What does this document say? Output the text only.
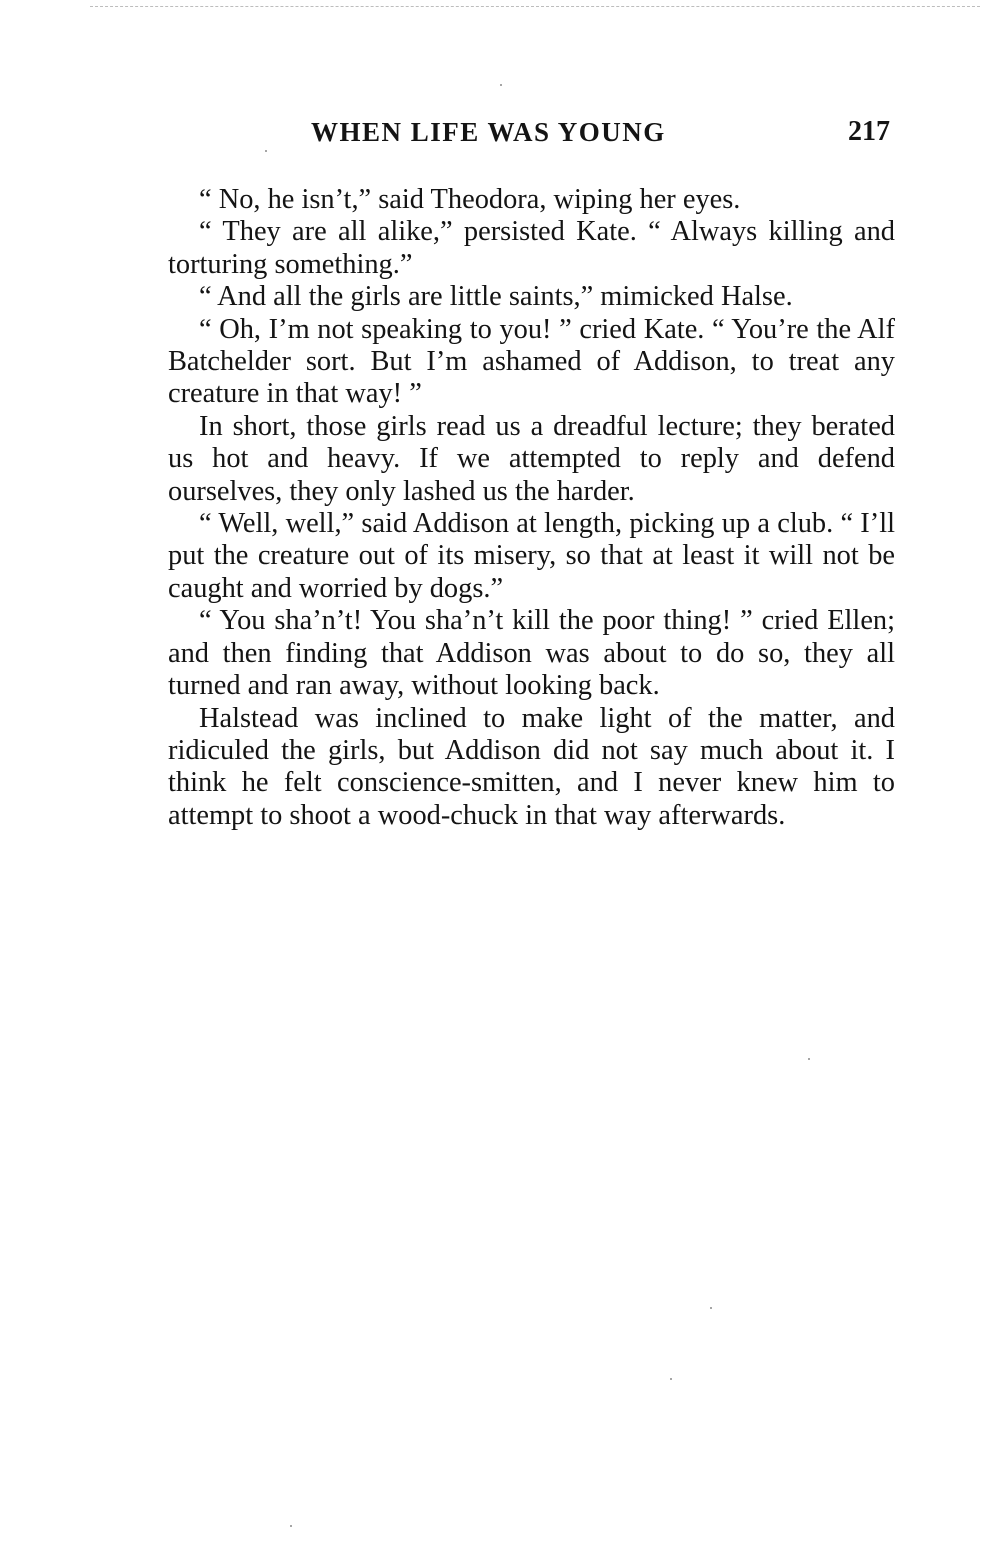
WHEN LIFE WAS YOUNG	217

“ No, he isn’t,” said Theodora, wiping her eyes.

“ They are all alike,” persisted Kate. “ Always killing and torturing something.”

“ And all the girls are little saints,” mimicked Halse.

“ Oh, I’m not speaking to you! ” cried Kate. “ You’re the Alf Batchelder sort. But I’m ashamed of Addison, to treat any creature in that way! ”

In short, those girls read us a dreadful lecture; they berated us hot and heavy. If we attempted to reply and defend ourselves, they only lashed us the harder.

“ Well, well,” said Addison at length, picking up a club. “ I’ll put the creature out of its misery, so that at least it will not be caught and worried by dogs.”

“ You sha’n’t! You sha’n’t kill the poor thing! ” cried Ellen; and then finding that Addison was about to do so, they all turned and ran away, without looking back.

Halstead was inclined to make light of the matter, and ridiculed the girls, but Addison did not say much about it. I think he felt conscience-smitten, and I never knew him to attempt to shoot a wood-chuck in that way afterwards.
